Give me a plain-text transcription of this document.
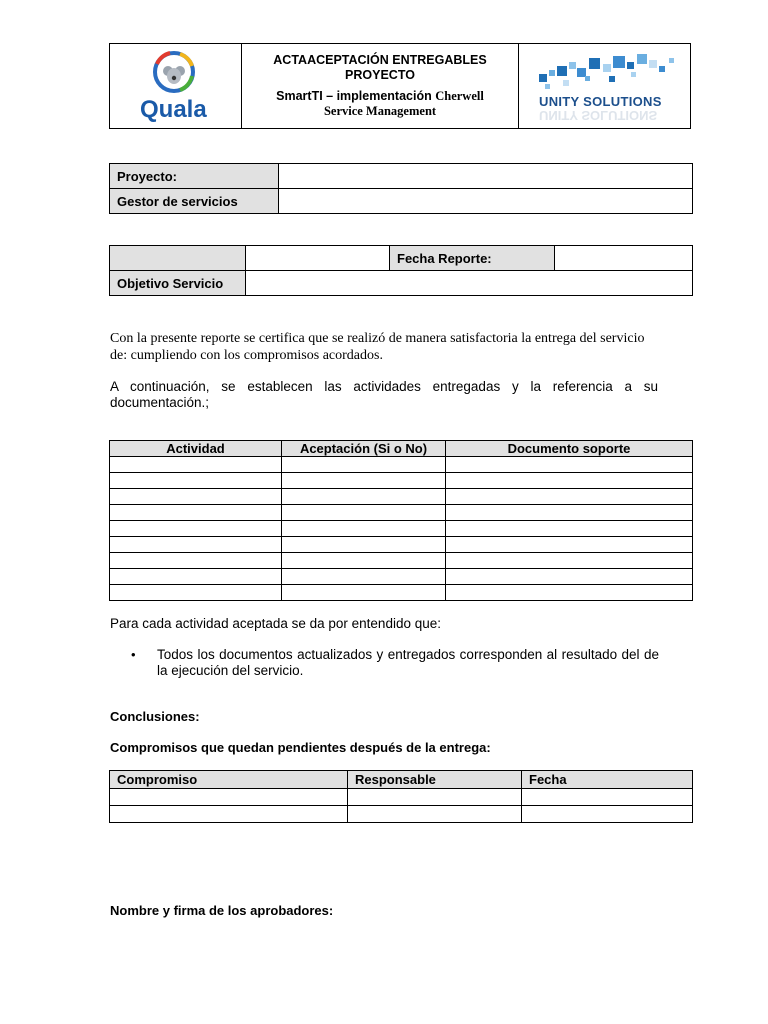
Quala

ACTAACEPTACIÓN ENTREGABLES PROYECTO
SmartTI – implementación Cherwell
Service Management

UNITY SOLUTIONS
UNITY SOLUTIONS
Proyecto:	
Gestor de servicios	
		Fecha Reporte:	
Objetivo Servicio			
Con la presente reporte se certifica que se realizó de manera satisfactoria la entrega del servicio de: cumpliendo con los compromisos acordados.
A continuación, se establecen las actividades entregadas y la referencia a su documentación.;
Actividad	Aceptación (Si o No)	Documento soporte

Para cada actividad aceptada se da por entendido que:
• Todos los documentos actualizados y entregados corresponden al resultado del de la ejecución del servicio.
Conclusiones:
Compromisos que quedan pendientes después de la entrega:
Compromiso	Responsable	Fecha

Nombre y firma de los aprobadores:
